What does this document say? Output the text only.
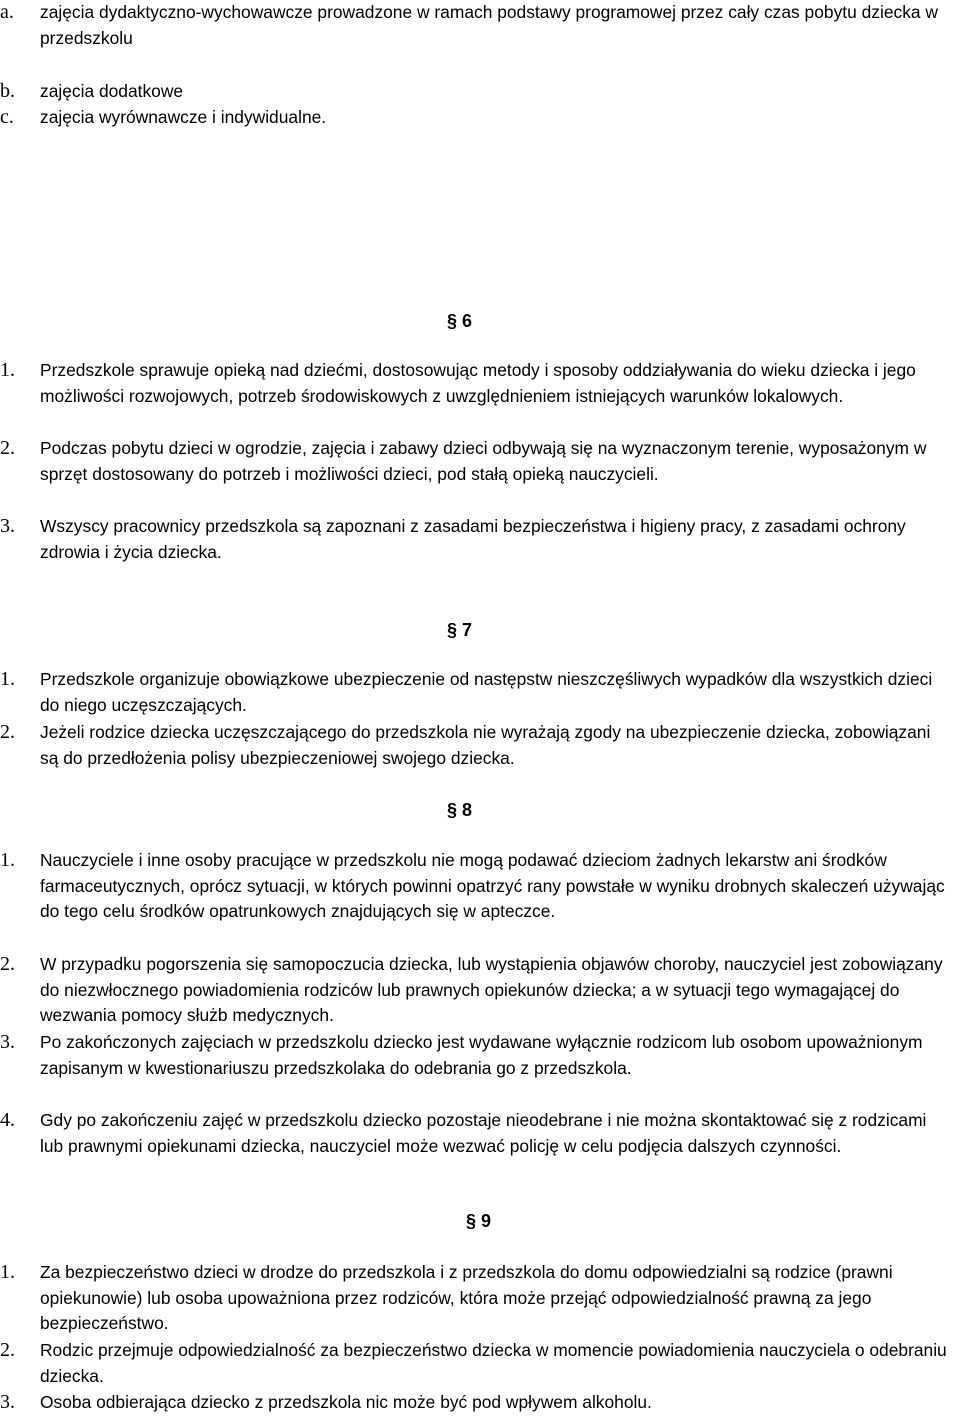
a.	zajęcia dydaktyczno-wychowawcze prowadzone w ramach podstawy programowej przez cały czas pobytu dziecka w przedszkolu
b.	zajęcia dodatkowe
c.	zajęcia wyrównawcze i indywidualne.
§ 6
1.	Przedszkole sprawuje opieką nad dziećmi, dostosowując metody i sposoby oddziaływania do wieku dziecka i jego możliwości rozwojowych, potrzeb środowiskowych z uwzględnieniem istniejących warunków lokalowych.
2.	Podczas pobytu dzieci w ogrodzie, zajęcia i zabawy dzieci odbywają się na wyznaczonym terenie, wyposażonym w sprzęt dostosowany do potrzeb i możliwości dzieci, pod stałą opieką nauczycieli.
3.	Wszyscy pracownicy przedszkola są zapoznani z zasadami bezpieczeństwa i higieny pracy, z zasadami ochrony zdrowia i życia dziecka.
§ 7
1.	Przedszkole organizuje obowiązkowe ubezpieczenie od następstw nieszczęśliwych wypadków dla wszystkich dzieci do niego uczęszczających.
2.	Jeżeli rodzice dziecka uczęszczającego do przedszkola nie wyrażają zgody na ubezpieczenie dziecka, zobowiązani są do przedłożenia polisy ubezpieczeniowej swojego dziecka.
§ 8
1.	Nauczyciele i inne osoby pracujące w przedszkolu nie mogą podawać dzieciom żadnych lekarstw ani środków farmaceutycznych, oprócz sytuacji, w których powinni opatrzyć rany powstałe w wyniku drobnych skaleczeń używając do tego celu środków opatrunkowych znajdujących się w apteczce.
2.	W przypadku pogorszenia się samopoczucia dziecka, lub wystąpienia objawów choroby, nauczyciel jest zobowiązany do niezwłocznego powiadomienia rodziców lub prawnych opiekunów dziecka; a w sytuacji tego wymagającej do wezwania pomocy służb medycznych.
3.	Po zakończonych zajęciach w przedszkolu dziecko jest wydawane wyłącznie rodzicom lub osobom upoważnionym zapisanym w kwestionariuszu przedszkolaka do odebrania go z przedszkola.
4.	Gdy po zakończeniu zajęć w przedszkolu dziecko pozostaje nieodebrane i nie można skontaktować się z rodzicami lub prawnymi opiekunami dziecka, nauczyciel może wezwać policję w celu podjęcia dalszych czynności.
§ 9
1.	Za bezpieczeństwo dzieci w drodze do przedszkola i z przedszkola do domu odpowiedzialni są rodzice (prawni opiekunowie) lub osoba upoważniona przez rodziców, która może przejąć odpowiedzialność prawną za jego bezpieczeństwo.
2.	Rodzic przejmuje odpowiedzialność za bezpieczeństwo dziecka w momencie powiadomienia nauczyciela o odebraniu dziecka.
3.	Osoba odbierająca dziecko z przedszkola nic może być pod wpływem alkoholu.
